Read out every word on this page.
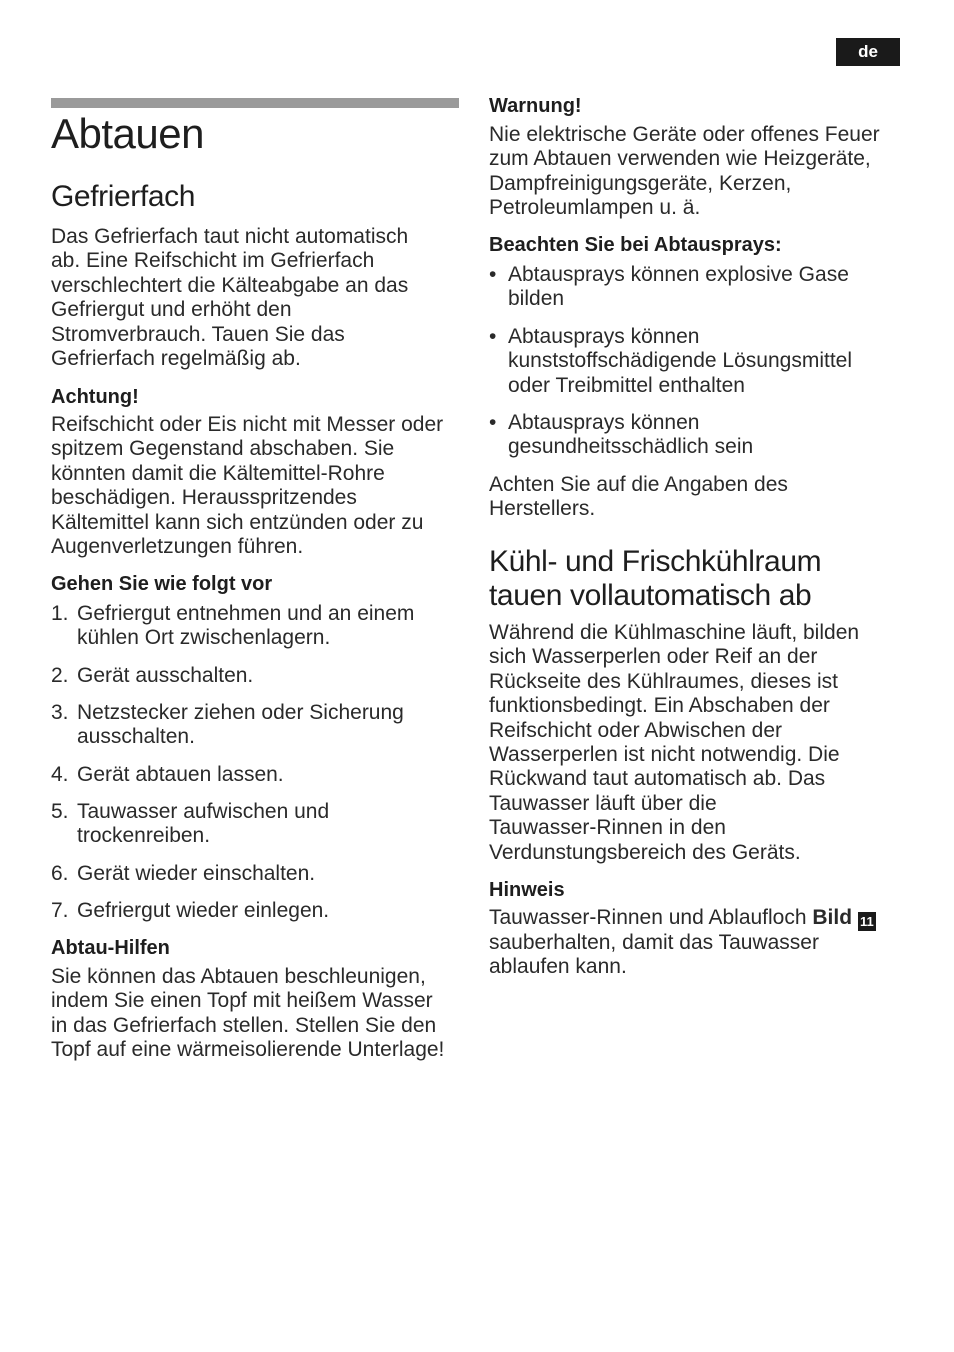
de
Abtauen
Gefrierfach
Das Gefrierfach taut nicht automatisch
ab. Eine Reifschicht im Gefrierfach
verschlechtert die Kälteabgabe an das
Gefriergut und erhöht den
Stromverbrauch. Tauen Sie das
Gefrierfach regelmäßig ab.
Achtung!
Reifschicht oder Eis nicht mit Messer oder
spitzem Gegenstand abschaben. Sie
könnten damit die Kältemittel-Rohre
beschädigen. Herausspritzendes
Kältemittel kann sich entzünden oder zu
Augenverletzungen führen.
Gehen Sie wie folgt vor
1. Gefriergut entnehmen und an einem
kühlen Ort zwischenlagern.
2. Gerät ausschalten.
3. Netzstecker ziehen oder Sicherung
ausschalten.
4. Gerät abtauen lassen.
5. Tauwasser aufwischen und
trockenreiben.
6. Gerät wieder einschalten.
7. Gefriergut wieder einlegen.
Abtau-Hilfen
Sie können das Abtauen beschleunigen,
indem Sie einen Topf mit heißem Wasser
in das Gefrierfach stellen. Stellen Sie den
Topf auf eine wärmeisolierende Unterlage!
Warnung!
Nie elektrische Geräte oder offenes Feuer
zum Abtauen verwenden wie Heizgeräte,
Dampfreinigungsgeräte, Kerzen,
Petroleumlampen u. ä.
Beachten Sie bei Abtausprays:
• Abtausprays können explosive Gase
bilden
• Abtausprays können
kunststoffschädigende Lösungsmittel
oder Treibmittel enthalten
• Abtausprays können
gesundheitsschädlich sein
Achten Sie auf die Angaben des
Herstellers.
Kühl- und Frischkühlraum
tauen vollautomatisch ab
Während die Kühlmaschine läuft, bilden
sich Wasserperlen oder Reif an der
Rückseite des Kühlraumes, dieses ist
funktionsbedingt. Ein Abschaben der
Reifschicht oder Abwischen der
Wasserperlen ist nicht notwendig. Die
Rückwand taut automatisch ab. Das
Tauwasser läuft über die
Tauwasser-Rinnen in den
Verdunstungsbereich des Geräts.
Hinweis
Tauwasser-Rinnen und Ablaufloch Bild 11
sauberhalten, damit das Tauwasser
ablaufen kann.
